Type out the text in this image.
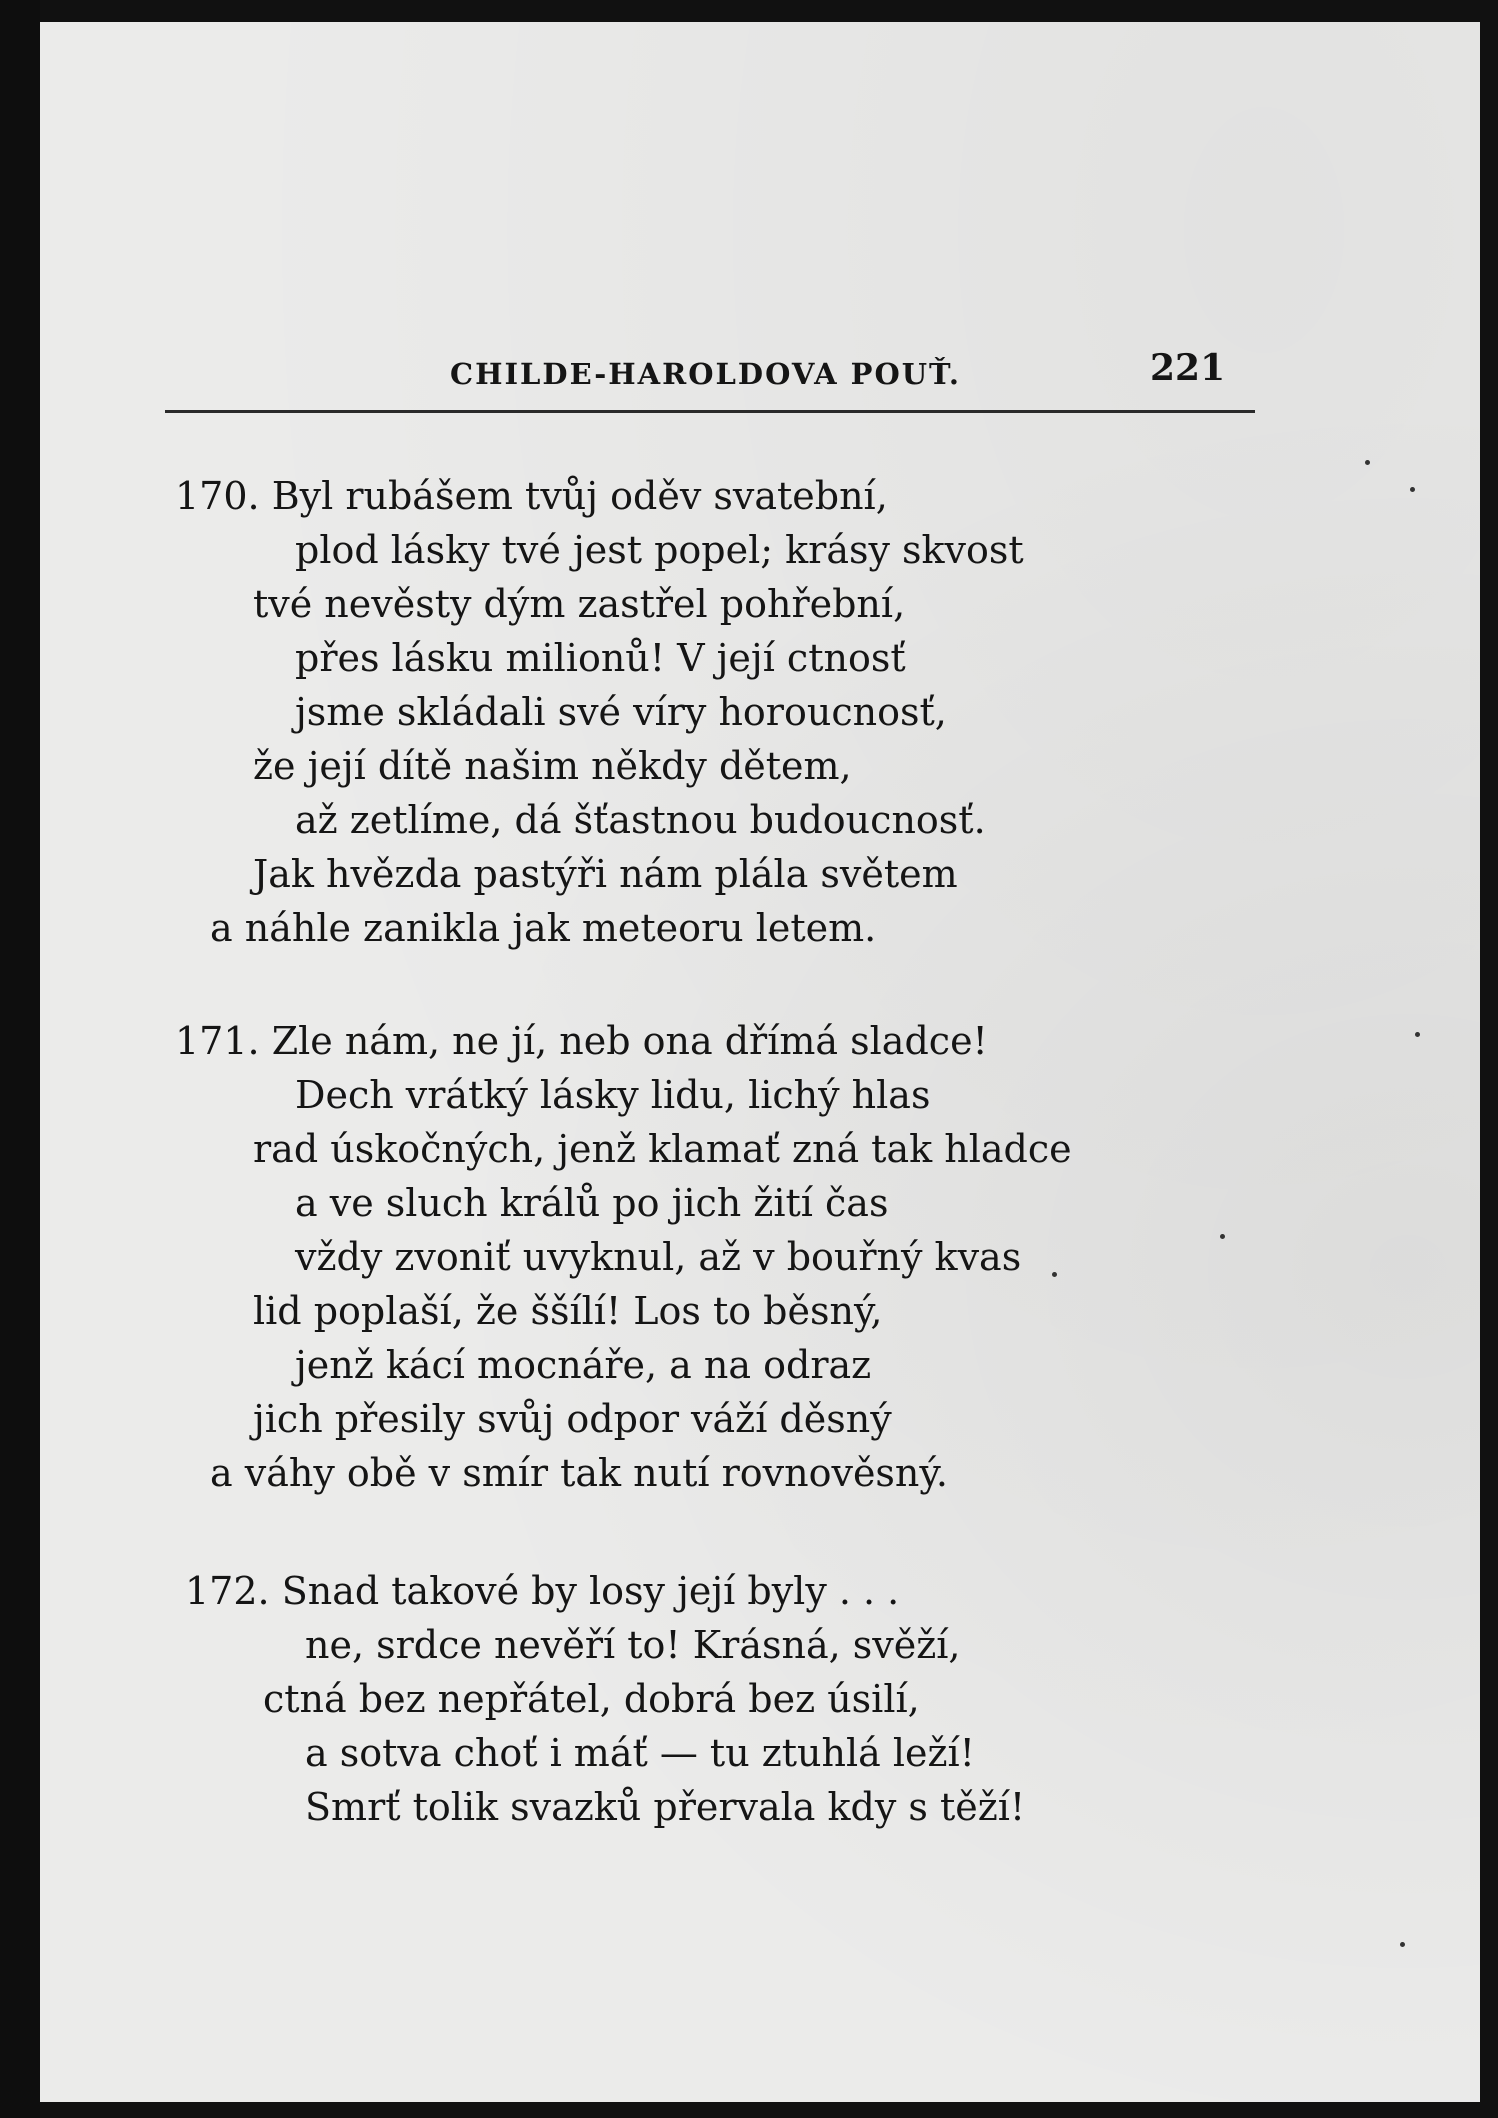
CHILDE-HAROLDOVA POUŤ.	221
170. Byl rubášem tvůj oděv svatební,
plod lásky tvé jest popel; krásy skvost
tvé nevěsty dým zastřel pohřební,
přes lásku milionů! V její ctnosť
jsme skládali své víry horoucnosť,
že její dítě našim někdy dětem,
až zetlíme, dá šťastnou budoucnosť.
Jak hvězda pastýři nám plála světem
a náhle zanikla jak meteoru letem.
171. Zle nám, ne jí, neb ona dřímá sladce!
Dech vrátký lásky lidu, lichý hlas
rad úskočných, jenž klamať zná tak hladce
a ve sluch králů po jich žití čas
vždy zvoniť uvyknul, až v bouřný kvas
lid poplaší, že ššílí! Los to běsný,
jenž kácí mocnáře, a na odraz
jich přesily svůj odpor váží děsný
a váhy obě v smír tak nutí rovnověsný.
172. Snad takové by losy její byly . . .
ne, srdce nevěří to! Krásná, svěží,
ctná bez nepřátel, dobrá bez úsilí,
a sotva choť i máť — tu ztuhlá leží!
Smrť tolik svazků přervala kdy s těží!
